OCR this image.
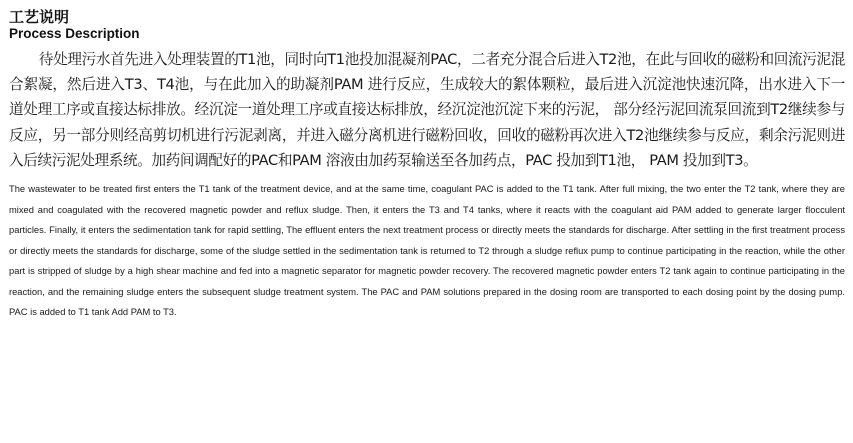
工艺说明
Process Description

待处理污水首先进入处理装置的T1池，同时向T1池投加混凝剂PAC，二者充分混合后进入T2池，在此与回收的磁粉和回流污泥混合絮凝，然后进入T3、T4池，与在此加入的助凝剂PAM 进行反应，生成较大的絮体颗粒，最后进入沉淀池快速沉降，出水进入下一道处理工序或直接达标排放。经沉淀一道处理工序或直接达标排放，经沉淀池沉淀下来的污泥， 部分经污泥回流泵回流到T2继续参与反应，另一部分则经高剪切机进行污泥剥离，并进入磁分离机进行磁粉回收，回收的磁粉再次进入T2池继续参与反应，剩余污泥则进入后续污泥处理系统。加药间调配好的PAC和PAM 溶液由加药泵输送至各加药点，PAC 投加到T1池， PAM 投加到T3。

The wastewater to be treated first enters the T1 tank of the treatment device, and at the same time, coagulant PAC is added to the T1 tank. After full mixing, the two enter the T2 tank, where they are mixed and coagulated with the recovered magnetic powder and reflux sludge. Then, it enters the T3 and T4 tanks, where it reacts with the coagulant aid PAM added to generate larger flocculent particles. Finally, it enters the sedimentation tank for rapid settling, The effluent enters the next treatment process or directly meets the standards for discharge. After settling in the first treatment process or directly meets the standards for discharge, some of the sludge settled in the sedimentation tank is returned to T2 through a sludge reflux pump to continue participating in the reaction, while the other part is stripped of sludge by a high shear machine and fed into a magnetic separator for magnetic powder recovery. The recovered magnetic powder enters T2 tank again to continue participating in the reaction, and the remaining sludge enters the subsequent sludge treatment system. The PAC and PAM solutions prepared in the dosing room are transported to each dosing point by the dosing pump. PAC is added to T1 tank Add PAM to T3.
